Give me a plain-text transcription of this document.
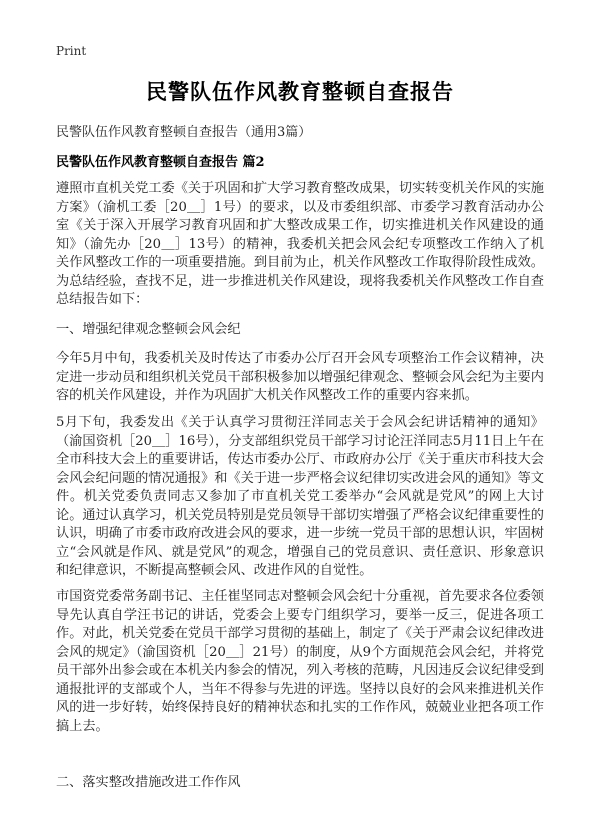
Print
民警队伍作风教育整顿自查报告
民警队伍作风教育整顿自查报告（通用3篇）
民警队伍作风教育整顿自查报告 篇2

遵照市直机关党工委《关于巩固和扩大学习教育整改成果，切实转变机关作风的实施方案》（渝机工委［20＿］1号）的要求，以及市委组织部、市委学习教育活动办公室《关于深入开展学习教育巩固和扩大整改成果工作，切实推进机关作风建设的通知》（渝先办［20＿］13号）的精神，我委机关把会风会纪专项整改工作纳入了机关作风整改工作的一项重要措施。到目前为止，机关作风整改工作取得阶段性成效。为总结经验，查找不足，进一步推进机关作风建设，现将我委机关作风整改工作自查总结报告如下：

一、增强纪律观念整顿会风会纪

今年5月中旬，我委机关及时传达了市委办公厅召开会风专项整治工作会议精神，决定进一步动员和组织机关党员干部积极参加以增强纪律观念、整顿会风会纪为主要内容的机关作风建设，并作为巩固扩大机关作风整改工作的重要内容来抓。

5月下旬，我委发出《关于认真学习贯彻汪洋同志关于会风会纪讲话精神的通知》（渝国资机［20＿］16号），分支部组织党员干部学习讨论汪洋同志5月11日上午在全市科技大会上的重要讲话，传达市委办公厅、市政府办公厅《关于重庆市科技大会会风会纪问题的情况通报》和《关于进一步严格会议纪律切实改进会风的通知》等文件。机关党委负责同志又参加了市直机关党工委举办“会风就是党风”的网上大讨论。通过认真学习，机关党员特别是党员领导干部切实增强了严格会议纪律重要性的认识，明确了市委市政府改进会风的要求，进一步统一党员干部的思想认识，牢固树立“会风就是作风、就是党风”的观念，增强自己的党员意识、责任意识、形象意识和纪律意识，不断提高整顿会风、改进作风的自觉性。

市国资党委常务副书记、主任崔坚同志对整顿会风会纪十分重视，首先要求各位委领导先认真自学汪书记的讲话，党委会上要专门组织学习，要举一反三，促进各项工作。对此，机关党委在党员干部学习贯彻的基础上，制定了《关于严肃会议纪律改进会风的规定》（渝国资机［20＿］21号）的制度，从9个方面规范会风会纪，并将党员干部外出参会或在本机关内参会的情况，列入考核的范畴，凡因违反会议纪律受到通报批评的支部或个人，当年不得参与先进的评选。坚持以良好的会风来推进机关作风的进一步好转，始终保持良好的精神状态和扎实的工作作风，兢兢业业把各项工作搞上去。

二、落实整改措施改进工作作风
